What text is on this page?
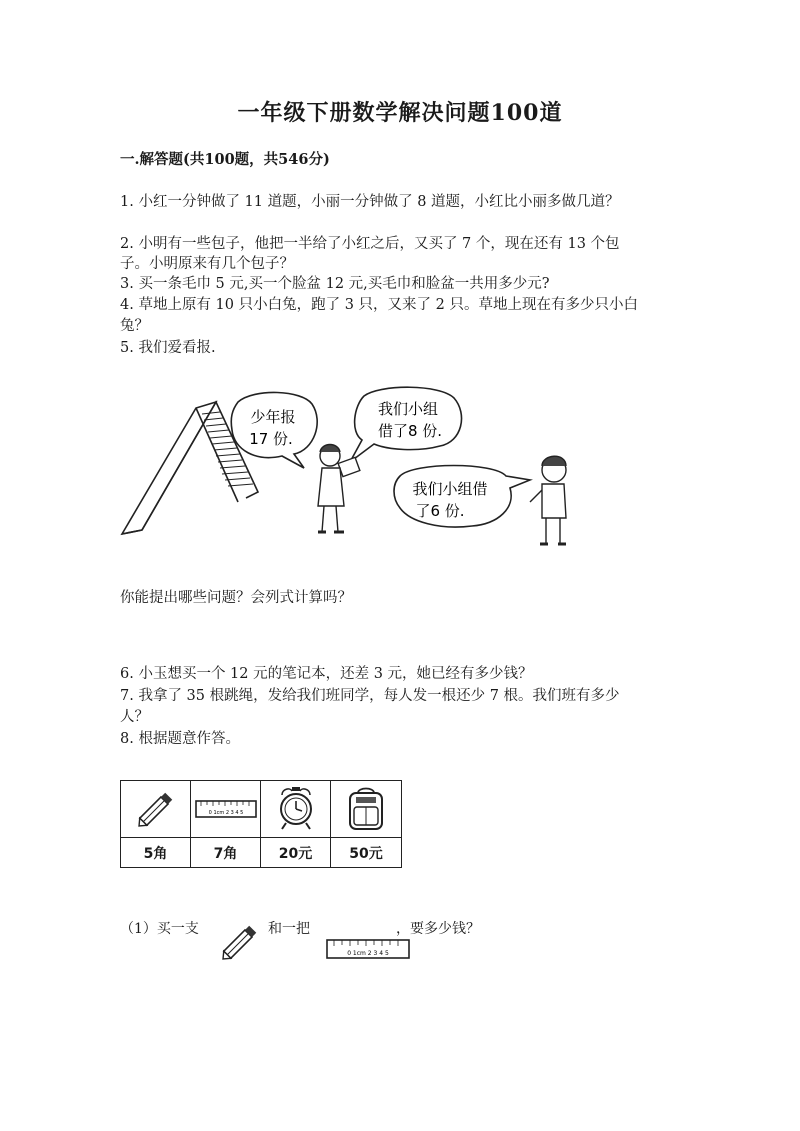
一年级下册数学解决问题100道
一.解答题(共100题，共546分)
1. 小红一分钟做了 11 道题，小丽一分钟做了 8 道题，小红比小丽多做几道？
2. 小明有一些包子，他把一半给了小红之后，又买了 7 个，现在还有 13 个包
子。小明原来有几个包子？
3. 买一条毛巾 5 元,买一个脸盆 12 元,买毛巾和脸盆一共用多少元?
4. 草地上原有 10 只小白兔，跑了 3 只，又来了 2 只。草地上现在有多少只小白
兔？
5. 我们爱看报.
少年报
17 份.
我们小组
借了8 份.
我们小组借
了6 份.
你能提出哪些问题？会列式计算吗？
6. 小玉想买一个 12 元的笔记本，还差 3 元，她已经有多少钱？
7. 我拿了 35 根跳绳，发给我们班同学，每人发一根还少 7 根。我们班有多少
人？
8. 根据题意作答。
0 1cm 2 3 4 5
5角	7角	20元	50元
（1）买一支	和一把	，要多少钱？
0 1cm 2 3 4 5
